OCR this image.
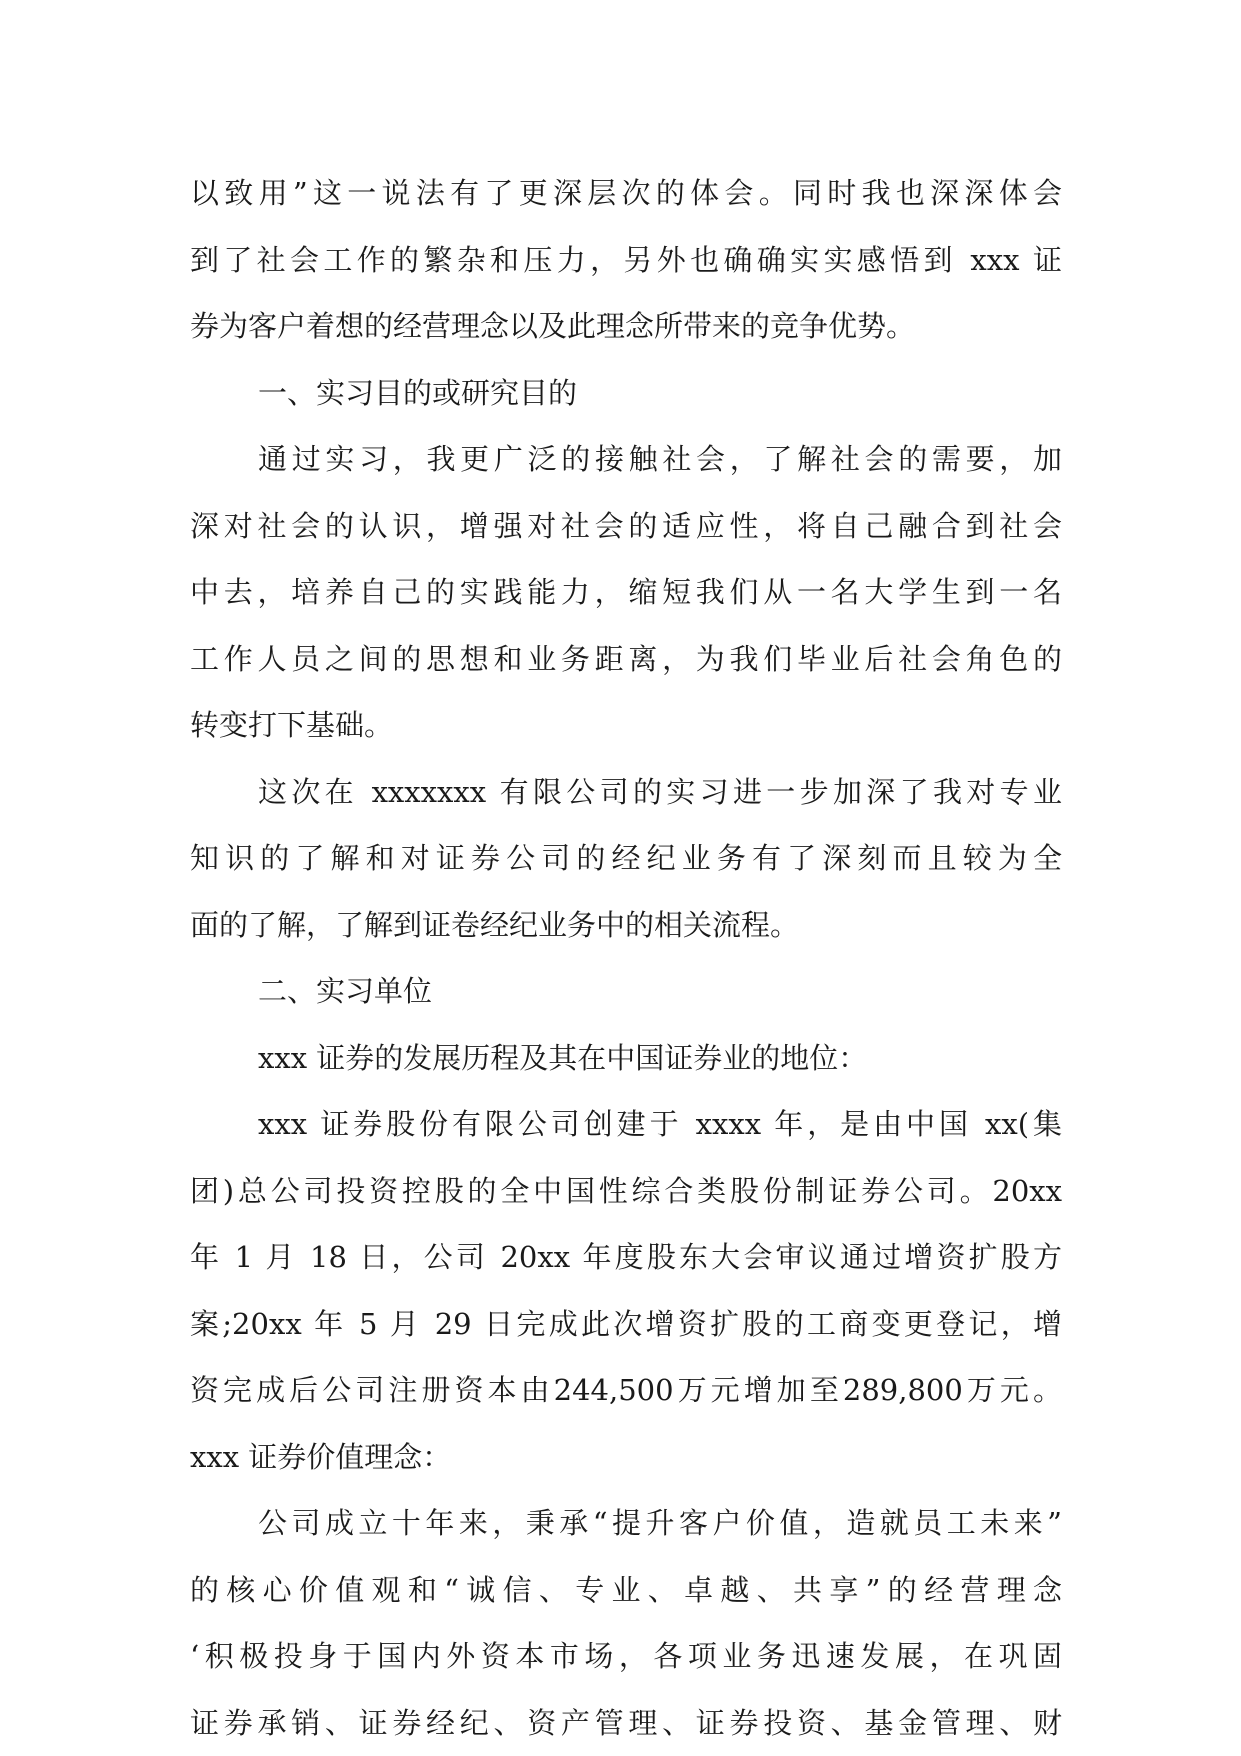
以致用”这一说法有了更深层次的体会。同时我也深深体会
到了社会工作的繁杂和压力，另外也确确实实感悟到 xxx 证
券为客户着想的经营理念以及此理念所带来的竞争优势。
一、实习目的或研究目的
通过实习，我更广泛的接触社会，了解社会的需要，加
深对社会的认识，增强对社会的适应性，将自己融合到社会
中去，培养自己的实践能力，缩短我们从一名大学生到一名
工作人员之间的思想和业务距离，为我们毕业后社会角色的
转变打下基础。
这次在 xxxxxxx 有限公司的实习进一步加深了我对专业
知识的了解和对证券公司的经纪业务有了深刻而且较为全
面的了解，了解到证卷经纪业务中的相关流程。
二、实习单位
xxx 证券的发展历程及其在中国证券业的地位：
xxx 证券股份有限公司创建于 xxxx 年，是由中国 xx(集
团)总公司投资控股的全中国性综合类股份制证券公司。20xx
年 1 月 18 日，公司 20xx 年度股东大会审议通过增资扩股方
案;20xx 年 5 月 29 日完成此次增资扩股的工商变更登记，增
资完成后公司注册资本由244,500万元增加至289,800万元。
xxx 证券价值理念：
公司成立十年来，秉承“提升客户价值，造就员工未来”
的核心价值观和“诚信、专业、卓越、共享”的经营理念
‘积极投身于国内外资本市场，各项业务迅速发展，在巩固
证券承销、证券经纪、资产管理、证券投资、基金管理、财
